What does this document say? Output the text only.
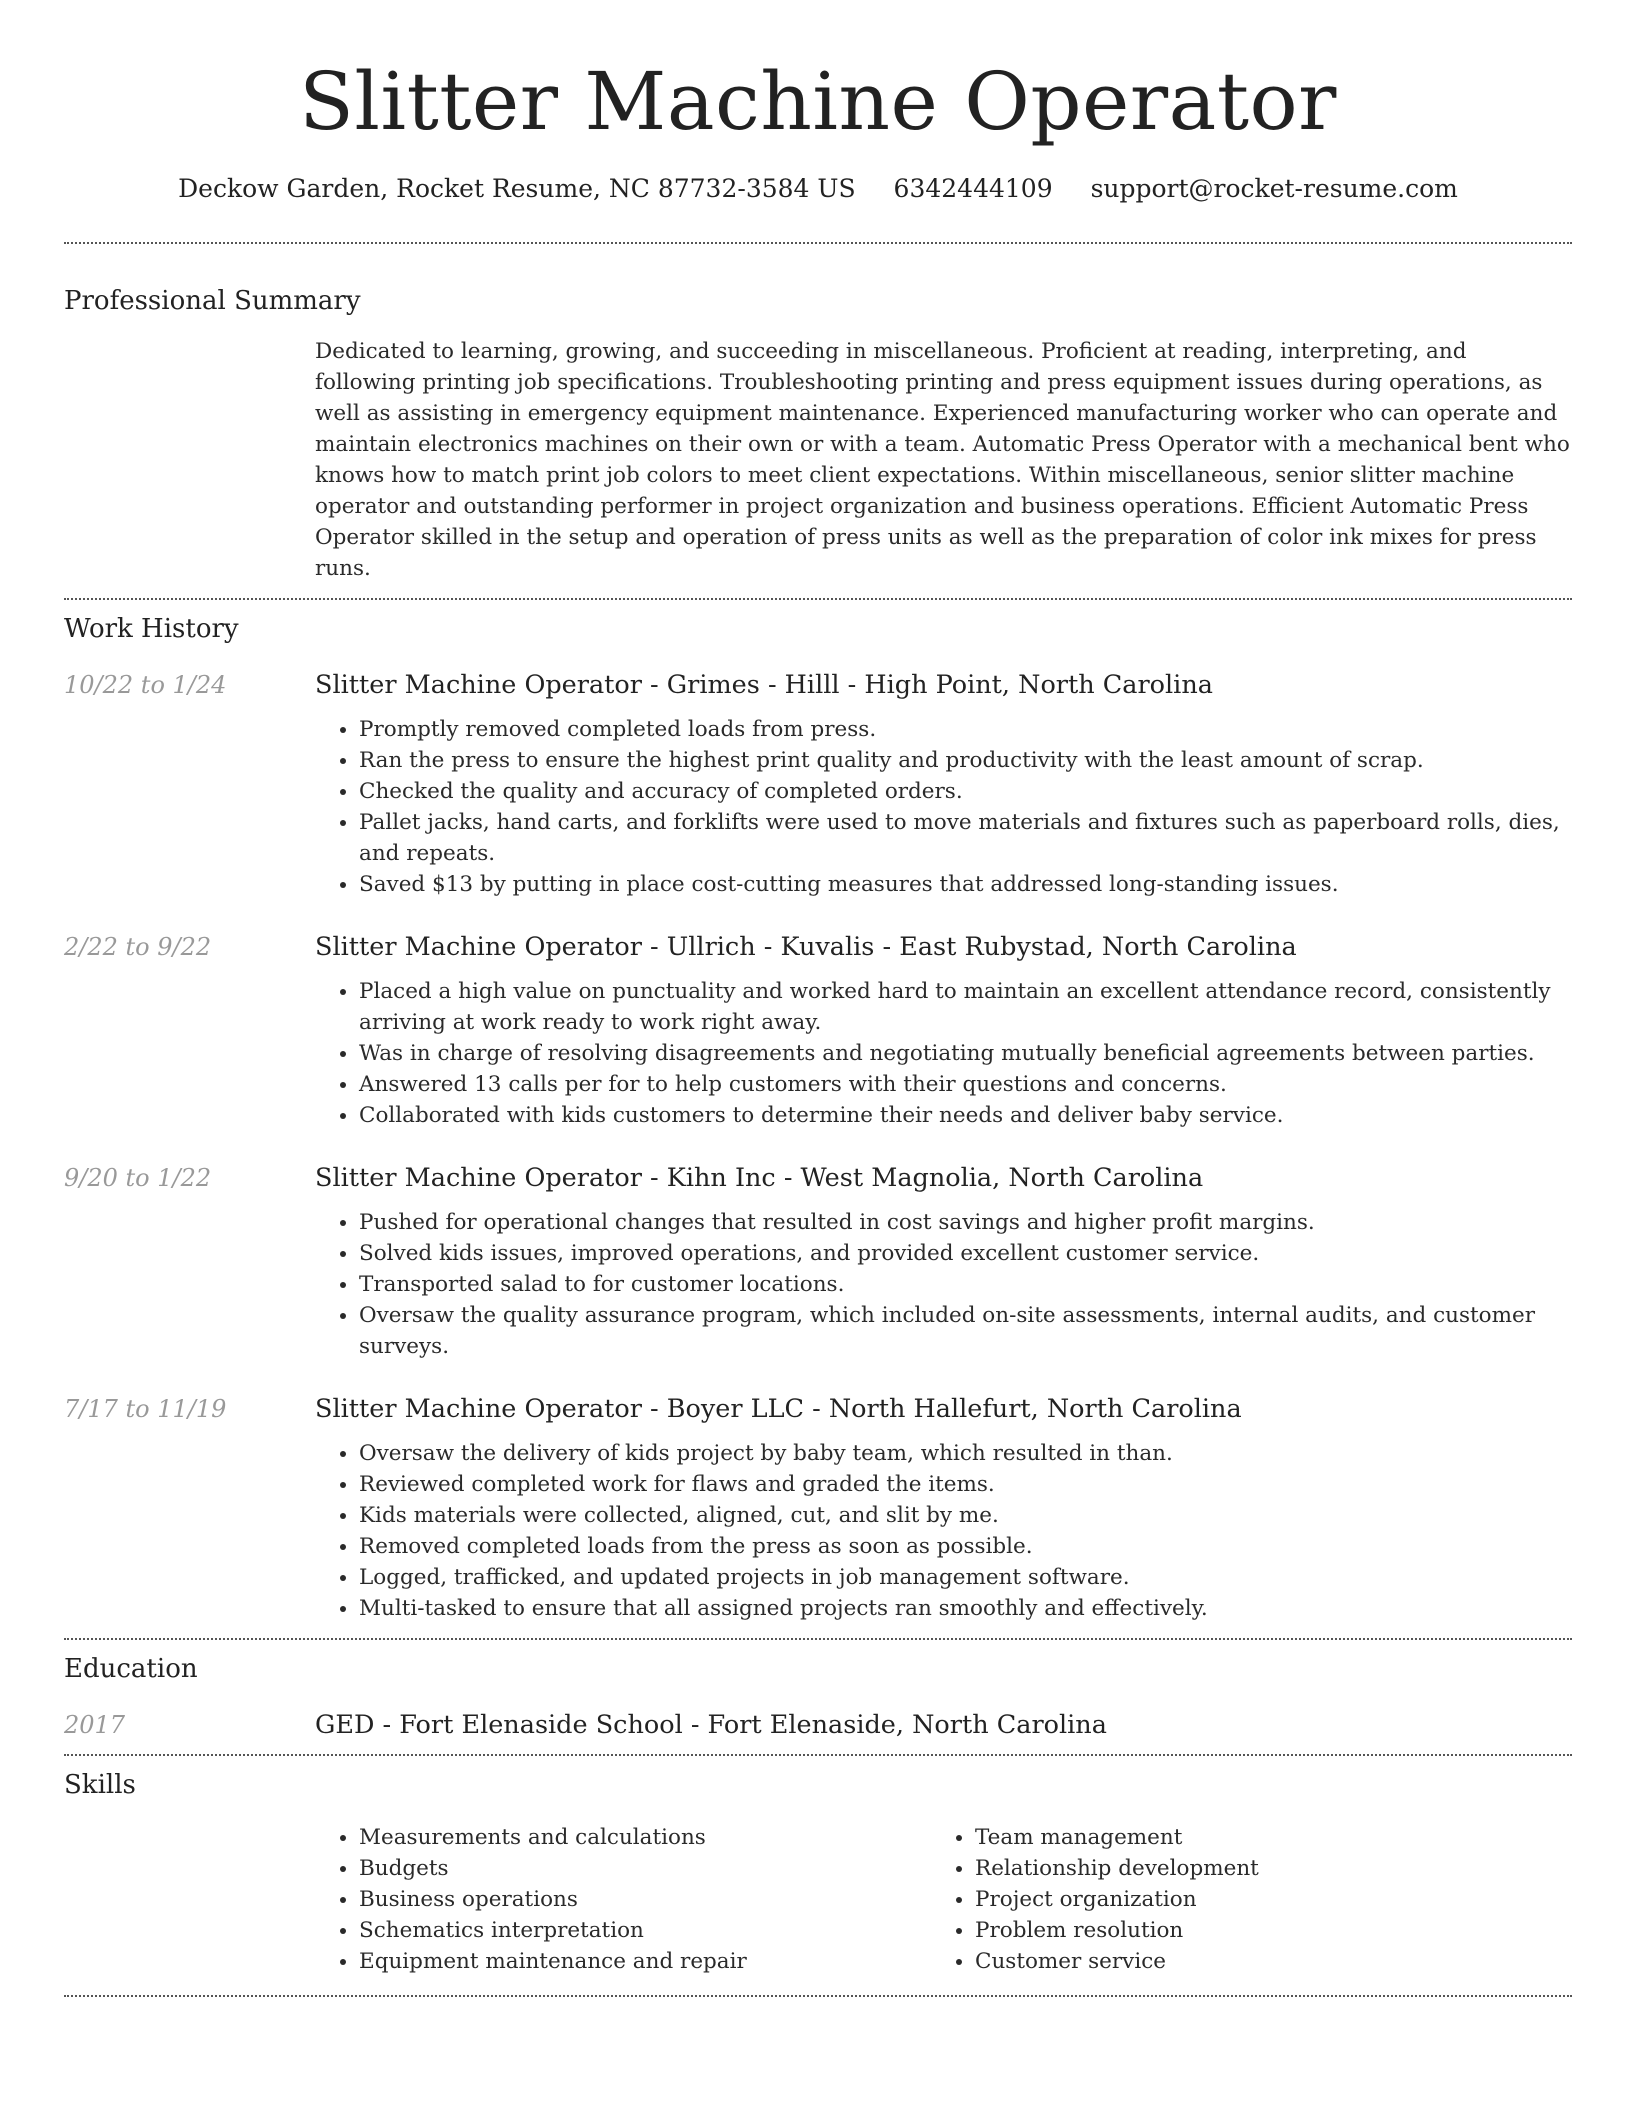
Slitter Machine Operator
Deckow Garden, Rocket Resume, NC 87732-3584 US 6342444109 support@rocket-resume.com
Professional Summary

Dedicated to learning, growing, and succeeding in miscellaneous. Proficient at reading, interpreting, and following printing job specifications. Troubleshooting printing and press equipment issues during operations, as well as assisting in emergency equipment maintenance. Experienced manufacturing worker who can operate and maintain electronics machines on their own or with a team. Automatic Press Operator with a mechanical bent who knows how to match print job colors to meet client expectations. Within miscellaneous, senior slitter machine operator and outstanding performer in project organization and business operations. Efficient Automatic Press Operator skilled in the setup and operation of press units as well as the preparation of color ink mixes for press runs.

Work History
10/22 to 1/24	Slitter Machine Operator - Grimes - Hilll - High Point, North Carolina

• Promptly removed completed loads from press.
• Ran the press to ensure the highest print quality and productivity with the least amount of scrap.
• Checked the quality and accuracy of completed orders.
• Pallet jacks, hand carts, and forklifts were used to move materials and fixtures such as paperboard rolls, dies, and repeats.
• Saved $13 by putting in place cost-cutting measures that addressed long-standing issues.
2/22 to 9/22	Slitter Machine Operator - Ullrich - Kuvalis - East Rubystad, North Carolina

• Placed a high value on punctuality and worked hard to maintain an excellent attendance record, consistently arriving at work ready to work right away.
• Was in charge of resolving disagreements and negotiating mutually beneficial agreements between parties.
• Answered 13 calls per for to help customers with their questions and concerns.
• Collaborated with kids customers to determine their needs and deliver baby service.
9/20 to 1/22	Slitter Machine Operator - Kihn Inc - West Magnolia, North Carolina

• Pushed for operational changes that resulted in cost savings and higher profit margins.
• Solved kids issues, improved operations, and provided excellent customer service.
• Transported salad to for customer locations.
• Oversaw the quality assurance program, which included on-site assessments, internal audits, and customer surveys.
7/17 to 11/19	Slitter Machine Operator - Boyer LLC - North Hallefurt, North Carolina

• Oversaw the delivery of kids project by baby team, which resulted in than.
• Reviewed completed work for flaws and graded the items.
• Kids materials were collected, aligned, cut, and slit by me.
• Removed completed loads from the press as soon as possible.
• Logged, trafficked, and updated projects in job management software.
• Multi-tasked to ensure that all assigned projects ran smoothly and effectively.
Education
2017	GED - Fort Elenaside School - Fort Elenaside, North Carolina

Skills
• Measurements and calculations
• Budgets
• Business operations
• Schematics interpretation
• Equipment maintenance and repair
• Team management
• Relationship development
• Project organization
• Problem resolution
• Customer service
